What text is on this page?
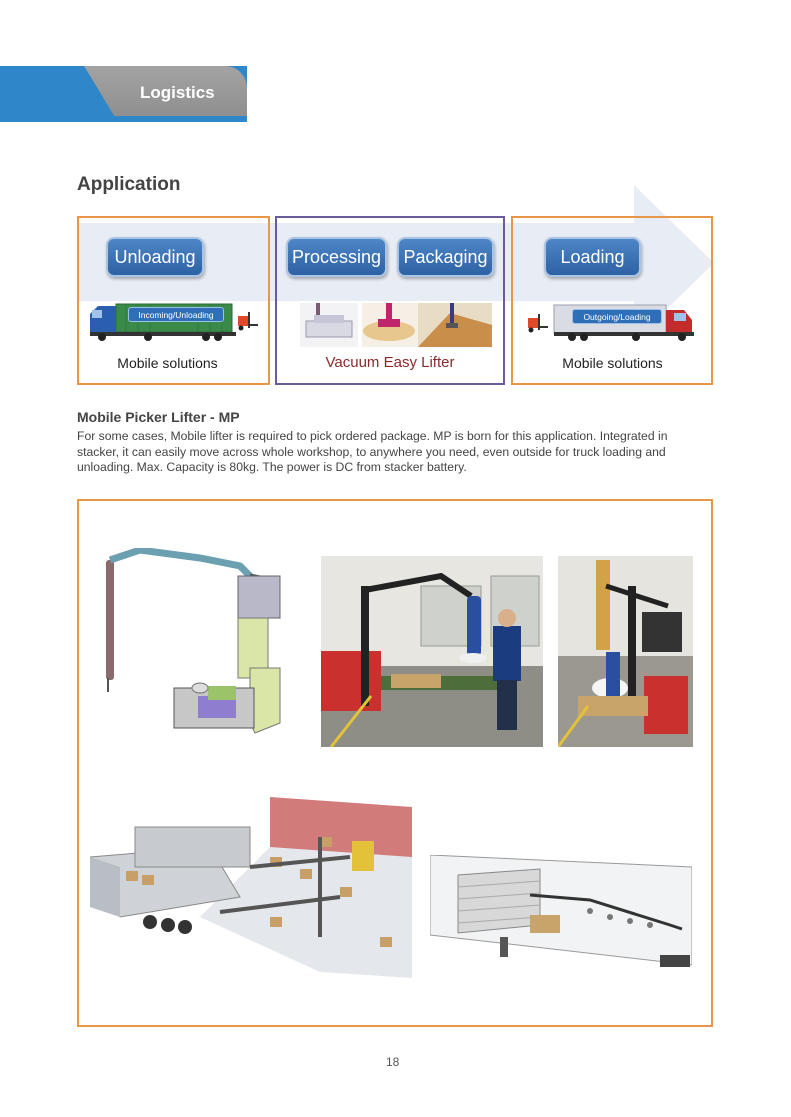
Logistics
Application
Unloading	Processing	Packaging	Loading
Incoming/Unloading	Outgoing/Loading
Mobile solutions	Vacuum Easy Lifter	Mobile solutions
Mobile Picker Lifter - MP
For some cases, Mobile lifter is required to pick ordered package. MP is born for this application. Integrated in stacker, it can easily move across whole workshop, to anywhere you need, even outside for truck loading and unloading. Max. Capacity is 80kg. The power is DC from stacker battery.
18
